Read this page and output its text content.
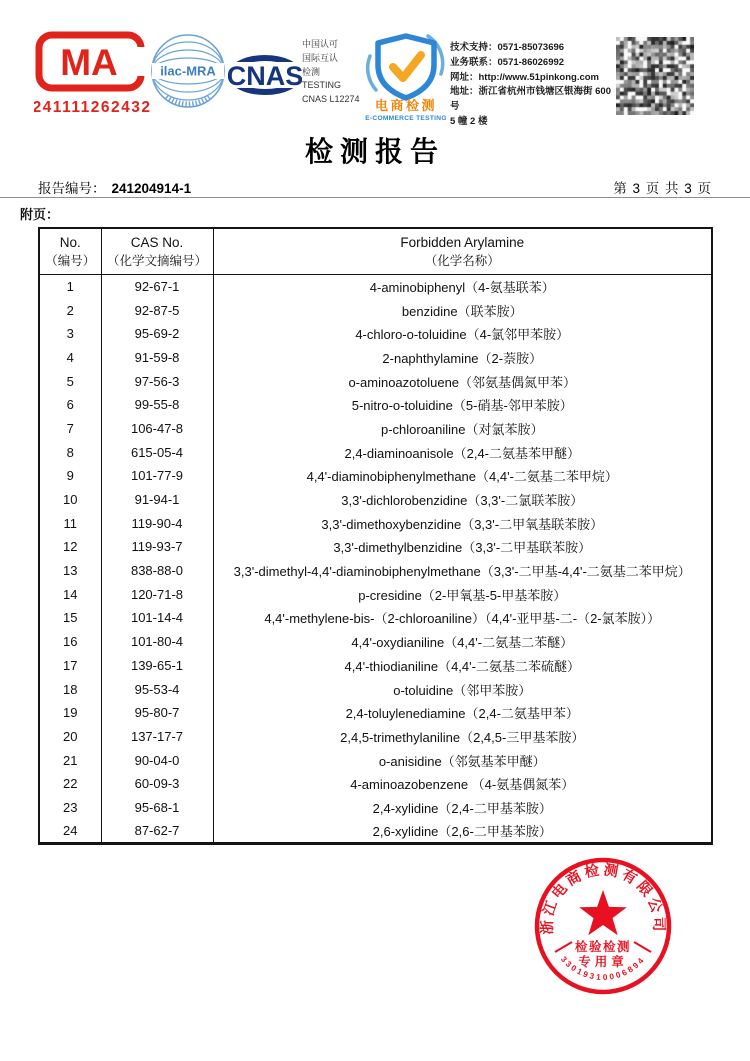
MA
241111262432
ilac-MRA CNAS
中国认可
国际互认
检测
TESTING
CNAS L12274	电商检测
E-COMMERCE TESTING
技术支持：0571-85073696
业务联系：0571-86026992
网址：http://www.51pinkong.com
地址：浙江省杭州市钱塘区银海街 600 号
5 幢 2 楼
检测报告
报告编号： 241204914-1	第 3 页 共 3 页
附页：
No.
（编号）

CAS No.
（化学文摘编号）

Forbidden Arylamine
（化学名称）

1	92-67-1	4-aminobiphenyl（4-氨基联苯）
2	92-87-5	benzidine（联苯胺）
3	95-69-2	4-chloro-o-toluidine（4-氯邻甲苯胺）
4	91-59-8	2-naphthylamine（2-萘胺）
5	97-56-3	o-aminoazotoluene（邻氨基偶氮甲苯）
6	99-55-8	5-nitro-o-toluidine（5-硝基-邻甲苯胺）
7	106-47-8	p-chloroaniline（对氯苯胺）
8	615-05-4	2,4-diaminoanisole（2,4-二氨基苯甲醚）
9	101-77-9	4,4'-diaminobiphenylmethane（4,4'-二氨基二苯甲烷）
10	91-94-1	3,3'-dichlorobenzidine（3,3'-二氯联苯胺）
11	119-90-4	3,3'-dimethoxybenzidine（3,3'-二甲氧基联苯胺）
12	119-93-7	3,3'-dimethylbenzidine（3,3'-二甲基联苯胺）
13	838-88-0	3,3'-dimethyl-4,4'-diaminobiphenylmethane（3,3'-二甲基-4,4'-二氨基二苯甲烷）
14	120-71-8	p-cresidine（2-甲氧基-5-甲基苯胺）
15	101-14-4	4,4'-methylene-bis-（2-chloroaniline）（4,4'-亚甲基-二-（2-氯苯胺））
16	101-80-4	4,4'-oxydianiline（4,4'-二氨基二苯醚）
17	139-65-1	4,4'-thiodianiline（4,4'-二氨基二苯硫醚）
18	95-53-4	o-toluidine（邻甲苯胺）
19	95-80-7	2,4-toluylenediamine（2,4-二氨基甲苯）
20	137-17-7	2,4,5-trimethylaniline（2,4,5-三甲基苯胺）
21	90-04-0	o-anisidine（邻氨基苯甲醚）
22	60-09-3	4-aminoazobenzene （4-氨基偶氮苯）
23	95-68-1	2,4-xylidine（2,4-二甲基苯胺）
24	87-62-7	2,6-xylidine（2,6-二甲基苯胺）
浙江电商检测有限公司
检验检测
专用章
33019310006894
